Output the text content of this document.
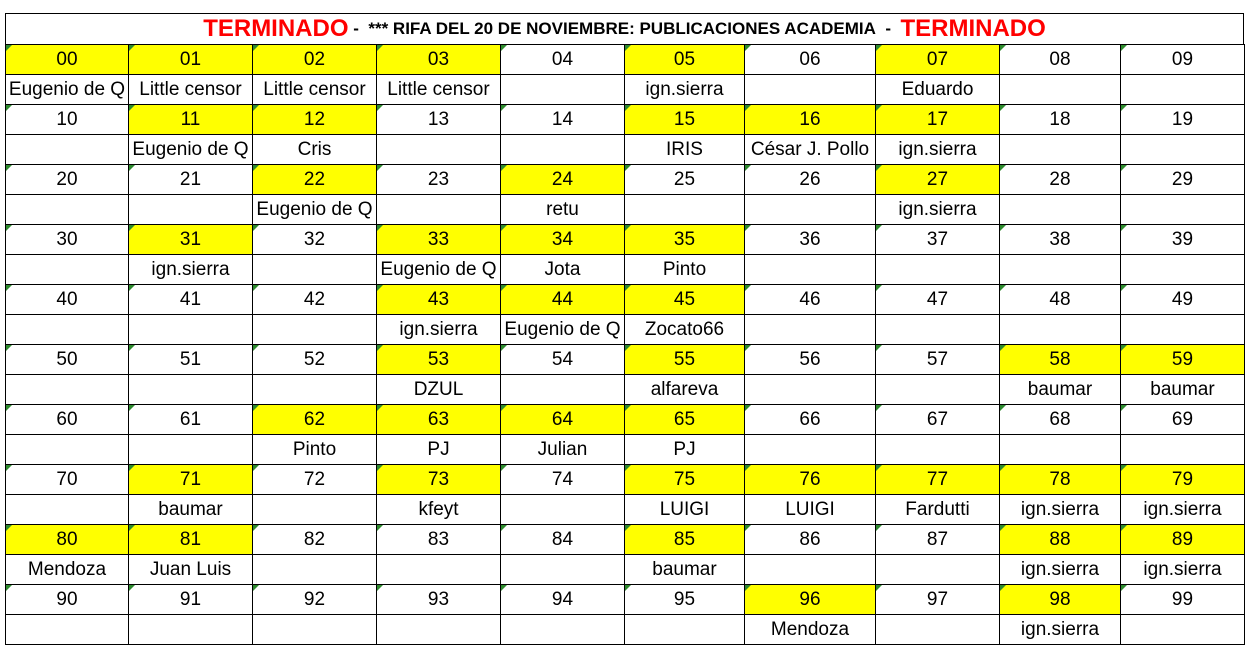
TERMINADO - *** RIFA DEL 20 DE NOVIEMBRE: PUBLICACIONES ACADEMIA - TERMINADO
00	01	02	03	04	05	06	07	08	09
Eugenio de Q	Little censor	Little censor	Little censor		ign.sierra		Eduardo		
10	11	12	13	14	15	16	17	18	19
	Eugenio de Q	Cris			IRIS	César J. Pollo	ign.sierra		
20	21	22	23	24	25	26	27	28	29
		Eugenio de Q		retu			ign.sierra		
30	31	32	33	34	35	36	37	38	39
	ign.sierra		Eugenio de Q	Jota	Pinto				
40	41	42	43	44	45	46	47	48	49
			ign.sierra	Eugenio de Q	Zocato66				
50	51	52	53	54	55	56	57	58	59
			DZUL		alfareva			baumar	baumar
60	61	62	63	64	65	66	67	68	69
		Pinto	PJ	Julian	PJ				
70	71	72	73	74	75	76	77	78	79
	baumar		kfeyt		LUIGI	LUIGI	Fardutti	ign.sierra	ign.sierra
80	81	82	83	84	85	86	87	88	89
Mendoza	Juan Luis				baumar			ign.sierra	ign.sierra
90	91	92	93	94	95	96	97	98	99
						Mendoza		ign.sierra	
